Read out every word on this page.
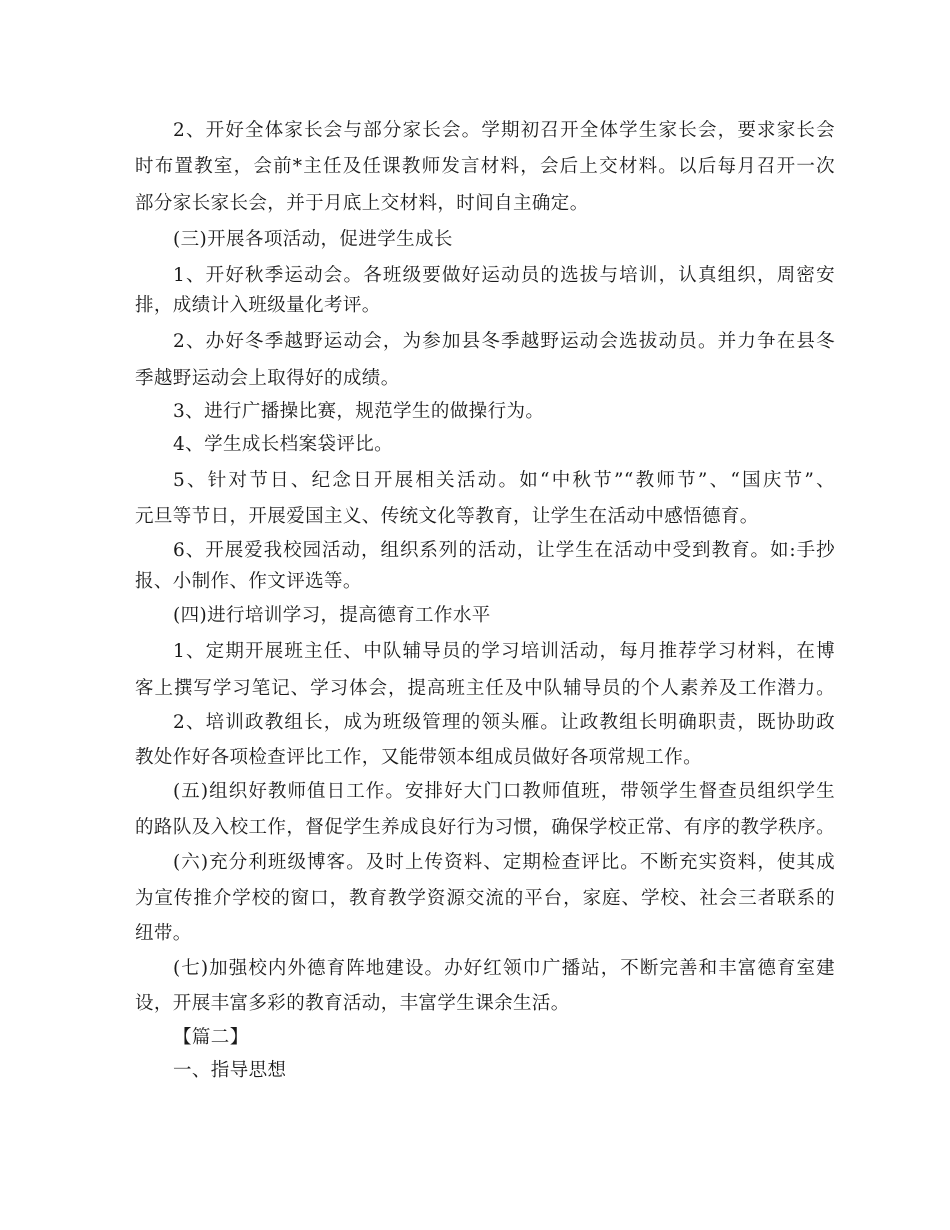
2、开好全体家长会与部分家长会。学期初召开全体学生家长会，要求家长会
时布置教室，会前*主任及任课教师发言材料，会后上交材料。以后每月召开一次
部分家长家长会，并于月底上交材料，时间自主确定。
(三)开展各项活动，促进学生成长
1、开好秋季运动会。各班级要做好运动员的选拔与培训，认真组织，周密安
排，成绩计入班级量化考评。
2、办好冬季越野运动会，为参加县冬季越野运动会选拔动员。并力争在县冬
季越野运动会上取得好的成绩。
3、进行广播操比赛，规范学生的做操行为。
4、学生成长档案袋评比。
5、针对节日、纪念日开展相关活动。如“中秋节”“教师节”、“国庆节”、
元旦等节日，开展爱国主义、传统文化等教育，让学生在活动中感悟德育。
6、开展爱我校园活动，组织系列的活动，让学生在活动中受到教育。如:手抄
报、小制作、作文评选等。
(四)进行培训学习，提高德育工作水平
1、定期开展班主任、中队辅导员的学习培训活动，每月推荐学习材料，在博
客上撰写学习笔记、学习体会，提高班主任及中队辅导员的个人素养及工作潜力。
2、培训政教组长，成为班级管理的领头雁。让政教组长明确职责，既协助政
教处作好各项检查评比工作，又能带领本组成员做好各项常规工作。
(五)组织好教师值日工作。安排好大门口教师值班，带领学生督查员组织学生
的路队及入校工作，督促学生养成良好行为习惯，确保学校正常、有序的教学秩序。
(六)充分利班级博客。及时上传资料、定期检查评比。不断充实资料，使其成
为宣传推介学校的窗口，教育教学资源交流的平台，家庭、学校、社会三者联系的
纽带。
(七)加强校内外德育阵地建设。办好红领巾广播站，不断完善和丰富德育室建
设，开展丰富多彩的教育活动，丰富学生课余生活。
【篇二】
一、指导思想
